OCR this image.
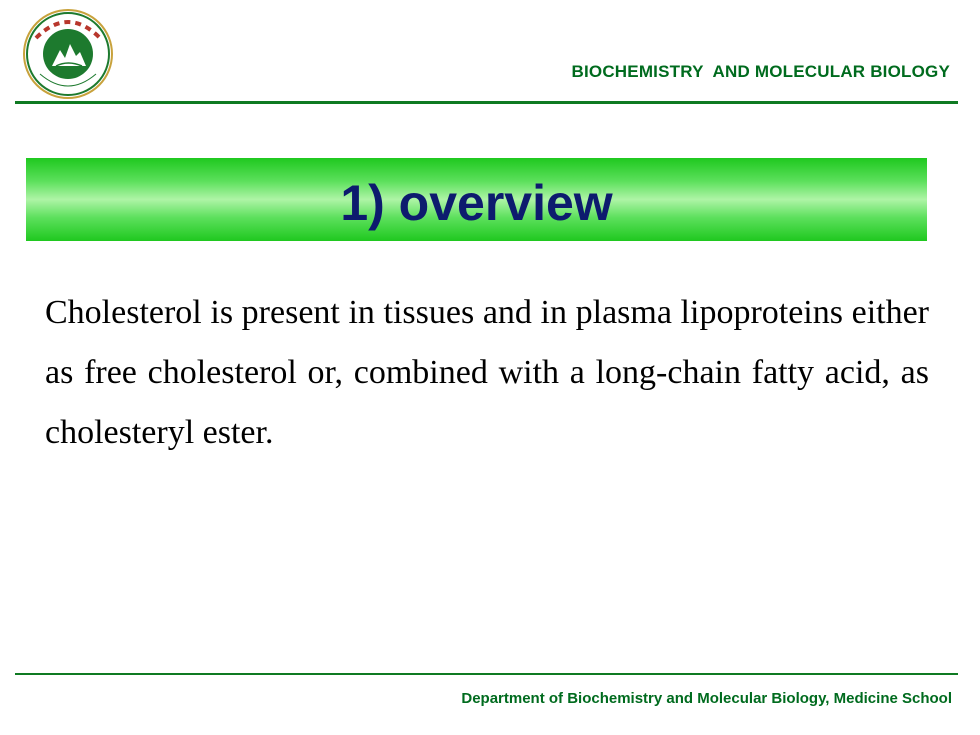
BIOCHEMISTRY  AND MOLECULAR BIOLOGY
1) overview
Cholesterol is present in tissues and in plasma lipoproteins either as free cholesterol or, combined with a long-chain fatty acid, as cholesteryl ester.
Department of Biochemistry and Molecular Biology, Medicine School
